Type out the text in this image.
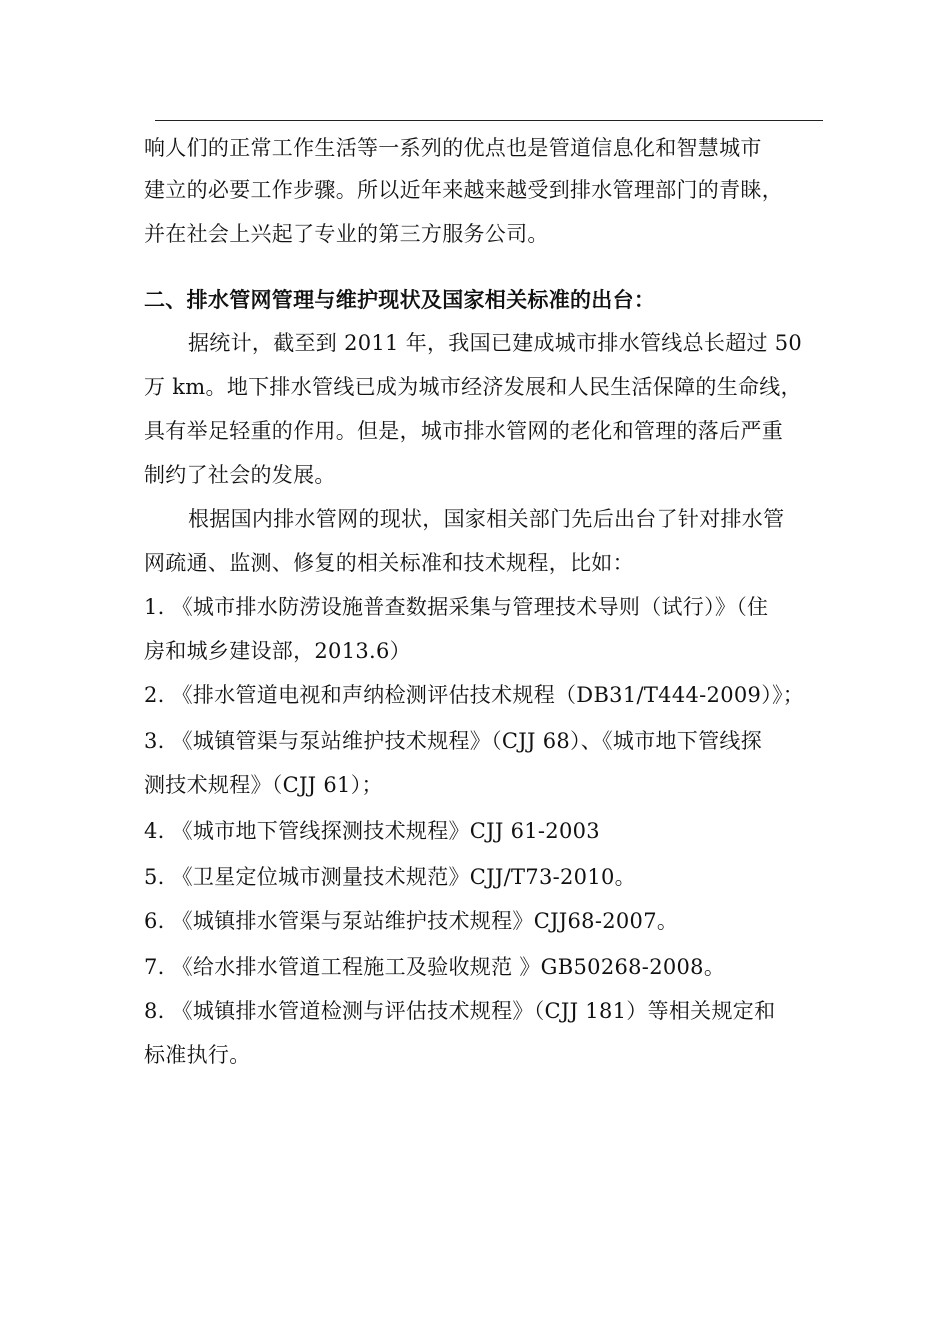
响人们的正常工作生活等一系列的优点也是管道信息化和智慧城市
建立的必要工作步骤。所以近年来越来越受到排水管理部门的青睐，
并在社会上兴起了专业的第三方服务公司。
二、排水管网管理与维护现状及国家相关标准的出台：
据统计，截至到 2011 年，我国已建成城市排水管线总长超过 50
万 km。地下排水管线已成为城市经济发展和人民生活保障的生命线，
具有举足轻重的作用。但是，城市排水管网的老化和管理的落后严重
制约了社会的发展。
根据国内排水管网的现状，国家相关部门先后出台了针对排水管
网疏通、监测、修复的相关标准和技术规程，比如：
1. 《城市排水防涝设施普查数据采集与管理技术导则（试行）》（住
房和城乡建设部，2013.6）
2. 《排水管道电视和声纳检测评估技术规程（DB31/T444-2009）》；
3. 《城镇管渠与泵站维护技术规程》（CJJ 68）、《城市地下管线探
测技术规程》（CJJ 61）；
4. 《城市地下管线探测技术规程》CJJ 61-2003
5. 《卫星定位城市测量技术规范》CJJ/T73-2010。
6. 《城镇排水管渠与泵站维护技术规程》CJJ68-2007。
7. 《给水排水管道工程施工及验收规范 》GB50268-2008。
8. 《城镇排水管道检测与评估技术规程》（CJJ 181）等相关规定和
标准执行。
